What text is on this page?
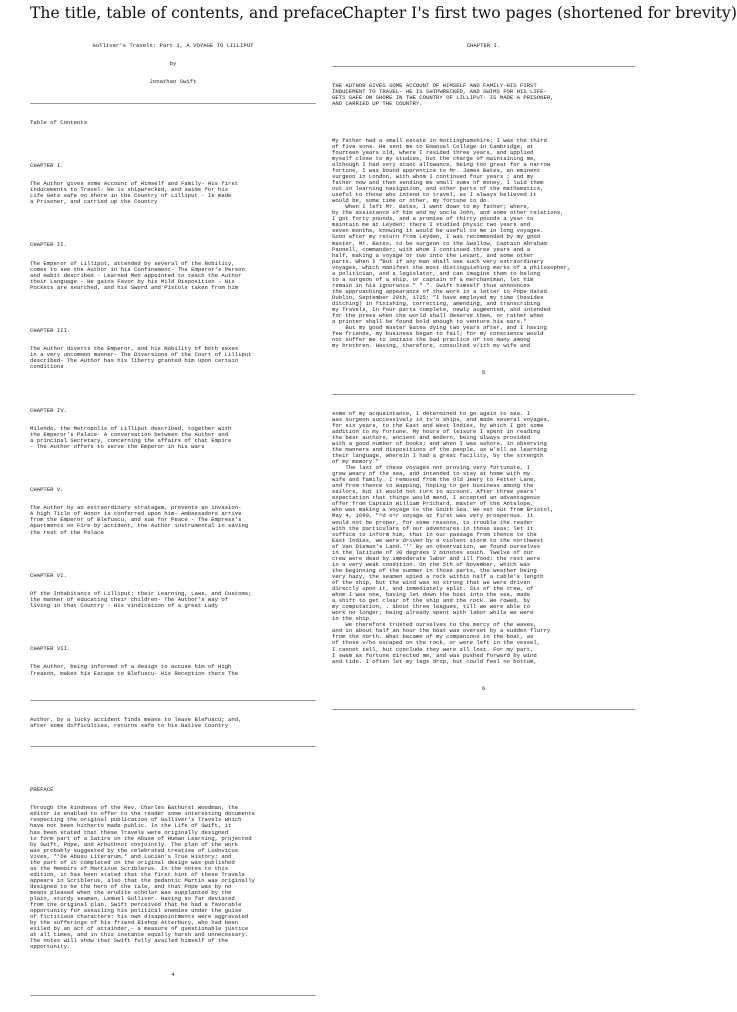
The title, table of contents, and preface.

Gulliver's Travels: Part 1, A VOYAGE TO LILLIPUT

by

Jonathan Swift

Table of Contents

CHAPTER I.

The Author gives some Account of Himself and Family- His first
inducements to Travel- He is shipwrecked, and swims for his
Life Gets safe on shore in the Country of Lilliput - Is made
a Prisoner, and carried up the Country

CHAPTER II.

The Emperor of Lilliput, attended by several of the Nobility,
comes to see the Author in his Confinement- The Emperor's Person
and Habit described - Learned Men appointed to teach the Author
their Language - He gains Favor by his Mild Disposition - His
Pockets are searched, and his Sword and Pistols taken from him

CHAPTER III.

The Author diverts the Emperor, and his Nobility of both sexes
in a very uncommon manner- The Diversions of the Court of Lilliput
described- The Author has his liberty granted him upon certain
conditions

CHAPTER IV.

Milendo, the Metropolis of Lilliput described, together with
the Emperor's Palace- A conversation between the Author and
a principal Secretary, concerning the affairs of that Empire
- The Author offers to serve the Emperor in his wars

CHAPTER V.

The Author by an extraordinary stratagem, prevents an invasion-
A high Title of Honor is conferred upon him- Ambassadors arrive
from the Emperor of Blefuscu, and sue for Peace - The Empress's
Apartments on Fire by accident, the Author instrumental in saving
the rest of the Palace

CHAPTER VI.

Of the Inhabitants of Lilliput; their Learning, Laws, and Customs;
the manner of educating their children- The Author's way of
living in that Country - His Vindication of a great Lady

CHAPTER VII.

The Author, being informed of a design to accuse him of High
Treason, makes his Escape to Blefuscu- His Reception there The

Author, by a lucky accident finds means to leave Blefuscu; and,
after some difficulties, returns safe to his Native Country

PREFACE

Through the kindness of the Rev. Charles Bathurst Woodman, the
editor is enabled to offer to the reader some interesting documents
respecting the original publication of Gulliver's Travels which
have not been hitherto made public. In the Life of Swift, it
has been stated that these Travels were originally designed
to form part of a Satire on the Abuse of Human Learning, projected
by Swift, Pope, and Arbuthnot conjointly. The plan of the work
was probably suggested by the celebrated treatise of Ludovicus
Vives, *'De Abusu Literarum,* and Lucian's True History; and
the part of it completed on the original design was published
as the Memoirs of Martinus Scriblerus. In the notes to this
edition, it has been stated that the first hint of these Travels
appears in Scriblerus, also that the pedantic Martin was originally
designed to be the hero of the tale, and that Pope was by no
means pleased when the erudite scholar was supplanted by the
plain, sturdy seaman, Lemuel Gulliver. Having so far deviated
from the original plan. Swift perceived that he had a favorable
opportunity for assailing his political enemies under the guise
of fictitious characters: his own disappointments were aggravated
by the sufferings of his friend Bishop Atterbury, who had been
exiled by an act of attainder,- a measure of questionable justice
at all times, and in this instance equally harsh and unnecessary.
The notes will show that Swift fully availed himself of the
opportunity.

4

Chapter I's first two pages (shortened for brevity)

CHAPTER I.

THE AUTHOR GIVES SOME ACCOUNT OF HIMSELF AND FAMILY-HIS FIRST
INDUCEMENT TO TRAVEL- HE IS SHIPWRECKED, AND SWIMS FOR HIS LIFE-
GETS SAFE ON SHORE IN THE COUNTRY OF LILLIPUT- IS MADE A PRISONER,
AND CARRIED UP THE COUNTRY.

My father had a small estate in Nottinghamshire; I was the third
of five sons. He sent me to Emanuel College in Cambridge, at
fourteen years old, where I resided three years, and applied
myself close to my studies, but the charge of maintaining me,
although I had very scant allowance, being too great for a narrow
fortune, I was bound apprentice to Mr. James Bates, an eminent
surgeon in London, with whom I continued four years ; and my
father now and then sending me small sums of money, I laid them
out in learning navigation, and other parts of the mathematics,
useful to those who intend to travel, as I always believed it
would be, some time or other, my fortune to do.
When I left Mr. Bates, I went down to my father; where,
by the assistance of him and my uncle John, and some other relations,
I got forty pounds, and a promise of thirty pounds a year to
maintain me at Leyden; there I studied physic two years and
seven months, knowing it would be useful to me in long voyages.
Soon after my return from Leyden, I was recommended by my good
master, Mr. Bates, to be surgeon to the Swallow, Captain Abraham
Pannell, commander; with whom I continued three years and a
half, making a voyage or two into the Levant, and some other
parts. When I "But if any man shall see such very extraordinary
voyages, which manifest the most distinguishing marks of a philosopher,
a politician, and a legislator, and can imagine them to belong
to a surgeon of a ship, or captain of a merchantman, let him
remain in his ignorance." " ". Swift himself thus announces
the approaching appearance of the work in a letter to Pope dated
Dublin, September 29th, 1725: "I have employed my time (besides
ditching) in finishing, correcting, amending, and transcribing
my Travels, In four parts complete, newly augmented, and intended
for the press when the world shall deserve them, or rather when
a printer shall be found bold enough to venture his ears."
But my good master Bates dying two years after, and I having
few friends, my business began to fail; for my conscience would
not suffer me to imitate the bad practice of too many among
my brethren. Having, therefore, consulted v/ith my wife and

5

some of my acquaintance, I determined to go again to sea. I
was surgeon successively in tv'o ships, and made several voyages,
for six years, to the East and West Indies, by which I got some
addition to my fortune. My hours of leisure I spent in reading
the best authors, ancient and modern, being always provided
with a good number of books; and when I was ashore, in observing
the manners and dispositions of the people, as w'ell as learning
their language, wherein I had a great facility, by the strength
of my memory."
The last of these voyages not proving very fortunate, I
grew weary of the sea, and intended to stay at home with my
wife and family. I removed from the Old Jewry to Fetter Lane,
and from thence to Wapping, hoping to get business among the
sailors, but it would not turn to account. After three years'
expectation that things would mend, I accepted an advantageous
offer from Captain William Prichard, master of the Antelope,
who was making a voyage to the South Sea. We set out from Bristol,
May 4, 1699, "^d o^r voyage at first was very prosperous. It
would not be proper, for some reasons, to trouble the reader
with the particulars of our adventures in those seas; let it
suffice to inform him, that in our passage from thence to the
East Indies, we were driven by a violent storm to the northwest
of Van Dieman's Land.''' By an observation, we found ourselves
in the latitude of 30 degrees 2 minutes south. Twelve of our
crew were dead by immoderate labor and ill food: the rest were
in a very weak condition. On the 5th of November, which was
the beginning of the summer in those parts, the weather being
very hazy, the seamen spied a rock within half a cable's length
of the ship, but the wind was so strong that we were driven
directly upon it, and immediately split. Six of the crew, of
whom I was one, having let down the boat into the sea, made
a shift to get clear of the ship and the rock. We rowed, by
my computation, . about three leagues, till we were able to
work no longer, being already spent with labor while we were
in the ship.
We therefore trusted ourselves to the mercy of the waves,
and in about half an hour the boat was overset by a sudden flurry
from the north. What became of my companions in the boat, as
of those v/ho escaped on the rock, or were left in the vessel,
I cannot tell, but conclude they were all lost. For my part,
I swam as fortune directed me, and was pushed forward by wind
and tide. I often let my legs drop, but could feel no bottom,

6
